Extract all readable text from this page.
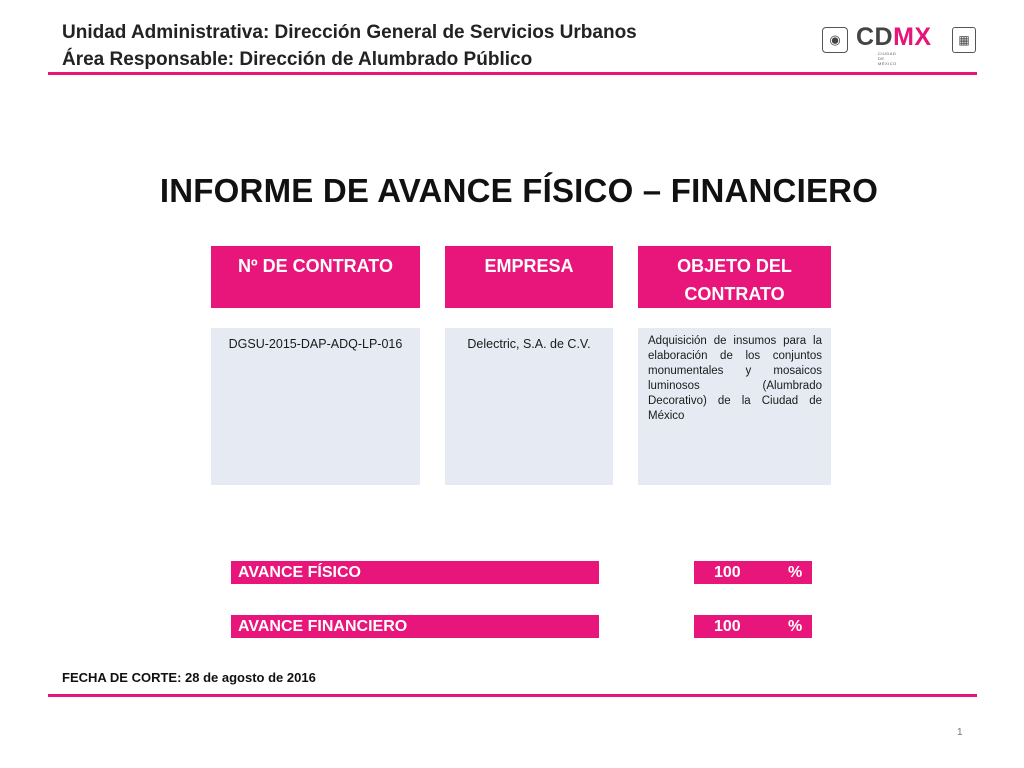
Unidad Administrativa: Dirección General de Servicios Urbanos
Área Responsable: Dirección de Alumbrado Público
◉ CDMX
CIUDAD DE MÉXICO
▦
INFORME DE AVANCE FÍSICO – FINANCIERO
Nº DE CONTRATO	EMPRESA	OBJETO DEL CONTRATO
DGSU-2015-DAP-ADQ-LP-016	Delectric, S.A. de C.V.	Adquisición de insumos para la elaboración de los conjuntos monumentales y mosaicos luminosos (Alumbrado Decorativo) de la Ciudad de México
AVANCE FÍSICO	100	%
AVANCE FINANCIERO	100	%
FECHA DE CORTE: 28 de agosto de 2016
1
